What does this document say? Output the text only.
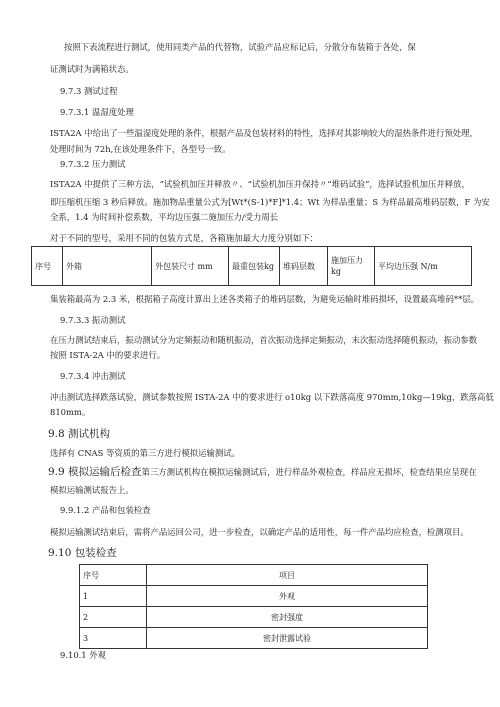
按照下表流程进行测试，使用同类产品的代替物，试验产品应标记后，分散分布装箱于各处，保
证测试时为满箱状态。
9.7.3 测试过程
9.7.3.1 温湿度处理
ISTA2A 中给出了一些温湿度处理的条件，根据产品及包装材料的特性，选择对其影响较大的湿热条件进行预处理，
处理时间为 72h,在该处理条件下，各型号一致。
9.7.3.2 压力测试
ISTA2A 中提供了三种方法，“试验机加压并释放〃、“试验机加压并保持〃“堆码试验”，选择试验机加压并释放，
即压缩机压缩 3 秒后释放。施加物品重量公式为[Wt*(S-1)*F]*1.4；Wt 为样品重量；S 为样品最高堆码层数，F 为安
全系，1.4 为时间补偿系数，平均边压强二施加压力/受力周长
对于不同的型号，采用不同的包装方式是，各箱施加最大力度分别如下：
序号	外箱	外包装尺寸 mm	最重包装kg	堆码层数	施加压力kg	平均边压强 N/m
集装箱最高为 2.3 米，根据箱子高度计算出上述各类箱子的堆码层数，为避免运输时堆码损坏，设置最高堆码**层。
9.7.3.3 振动测试
在压力测试结束后，振动测试分为定频振动和随机振动，首次振动选择定频振动，末次振动选择随机振动，振动参数
按照 ISTA-2A 中的要求进行。
9.7.3.4 冲击测试
冲击测试选择跌落试验，测试参数按照 ISTA-2A 中的要求进行 o10kg 以下跌落高度 970mm,10kg—19kg，跌落高低
810mm。
9.8 测试机构
选择有 CNAS 等资质的第三方进行模拟运输测试。
9.9 模拟运输后检查第三方测试机构在模拟运输测试后，进行样品外观检查，样品应无损坏，检查结果应呈现在
模拟运输测试报告上。
9.9.1.2 产品和包装检查
模拟运输测试结束后，需将产品运回公司，进一步检查，以确定产品的适用性，每一件产品均应检查，检测项目。
9.10 包装检查
序号	项目
1	外观
2	密封强度
3	密封泄露试验
9.10.1 外观
